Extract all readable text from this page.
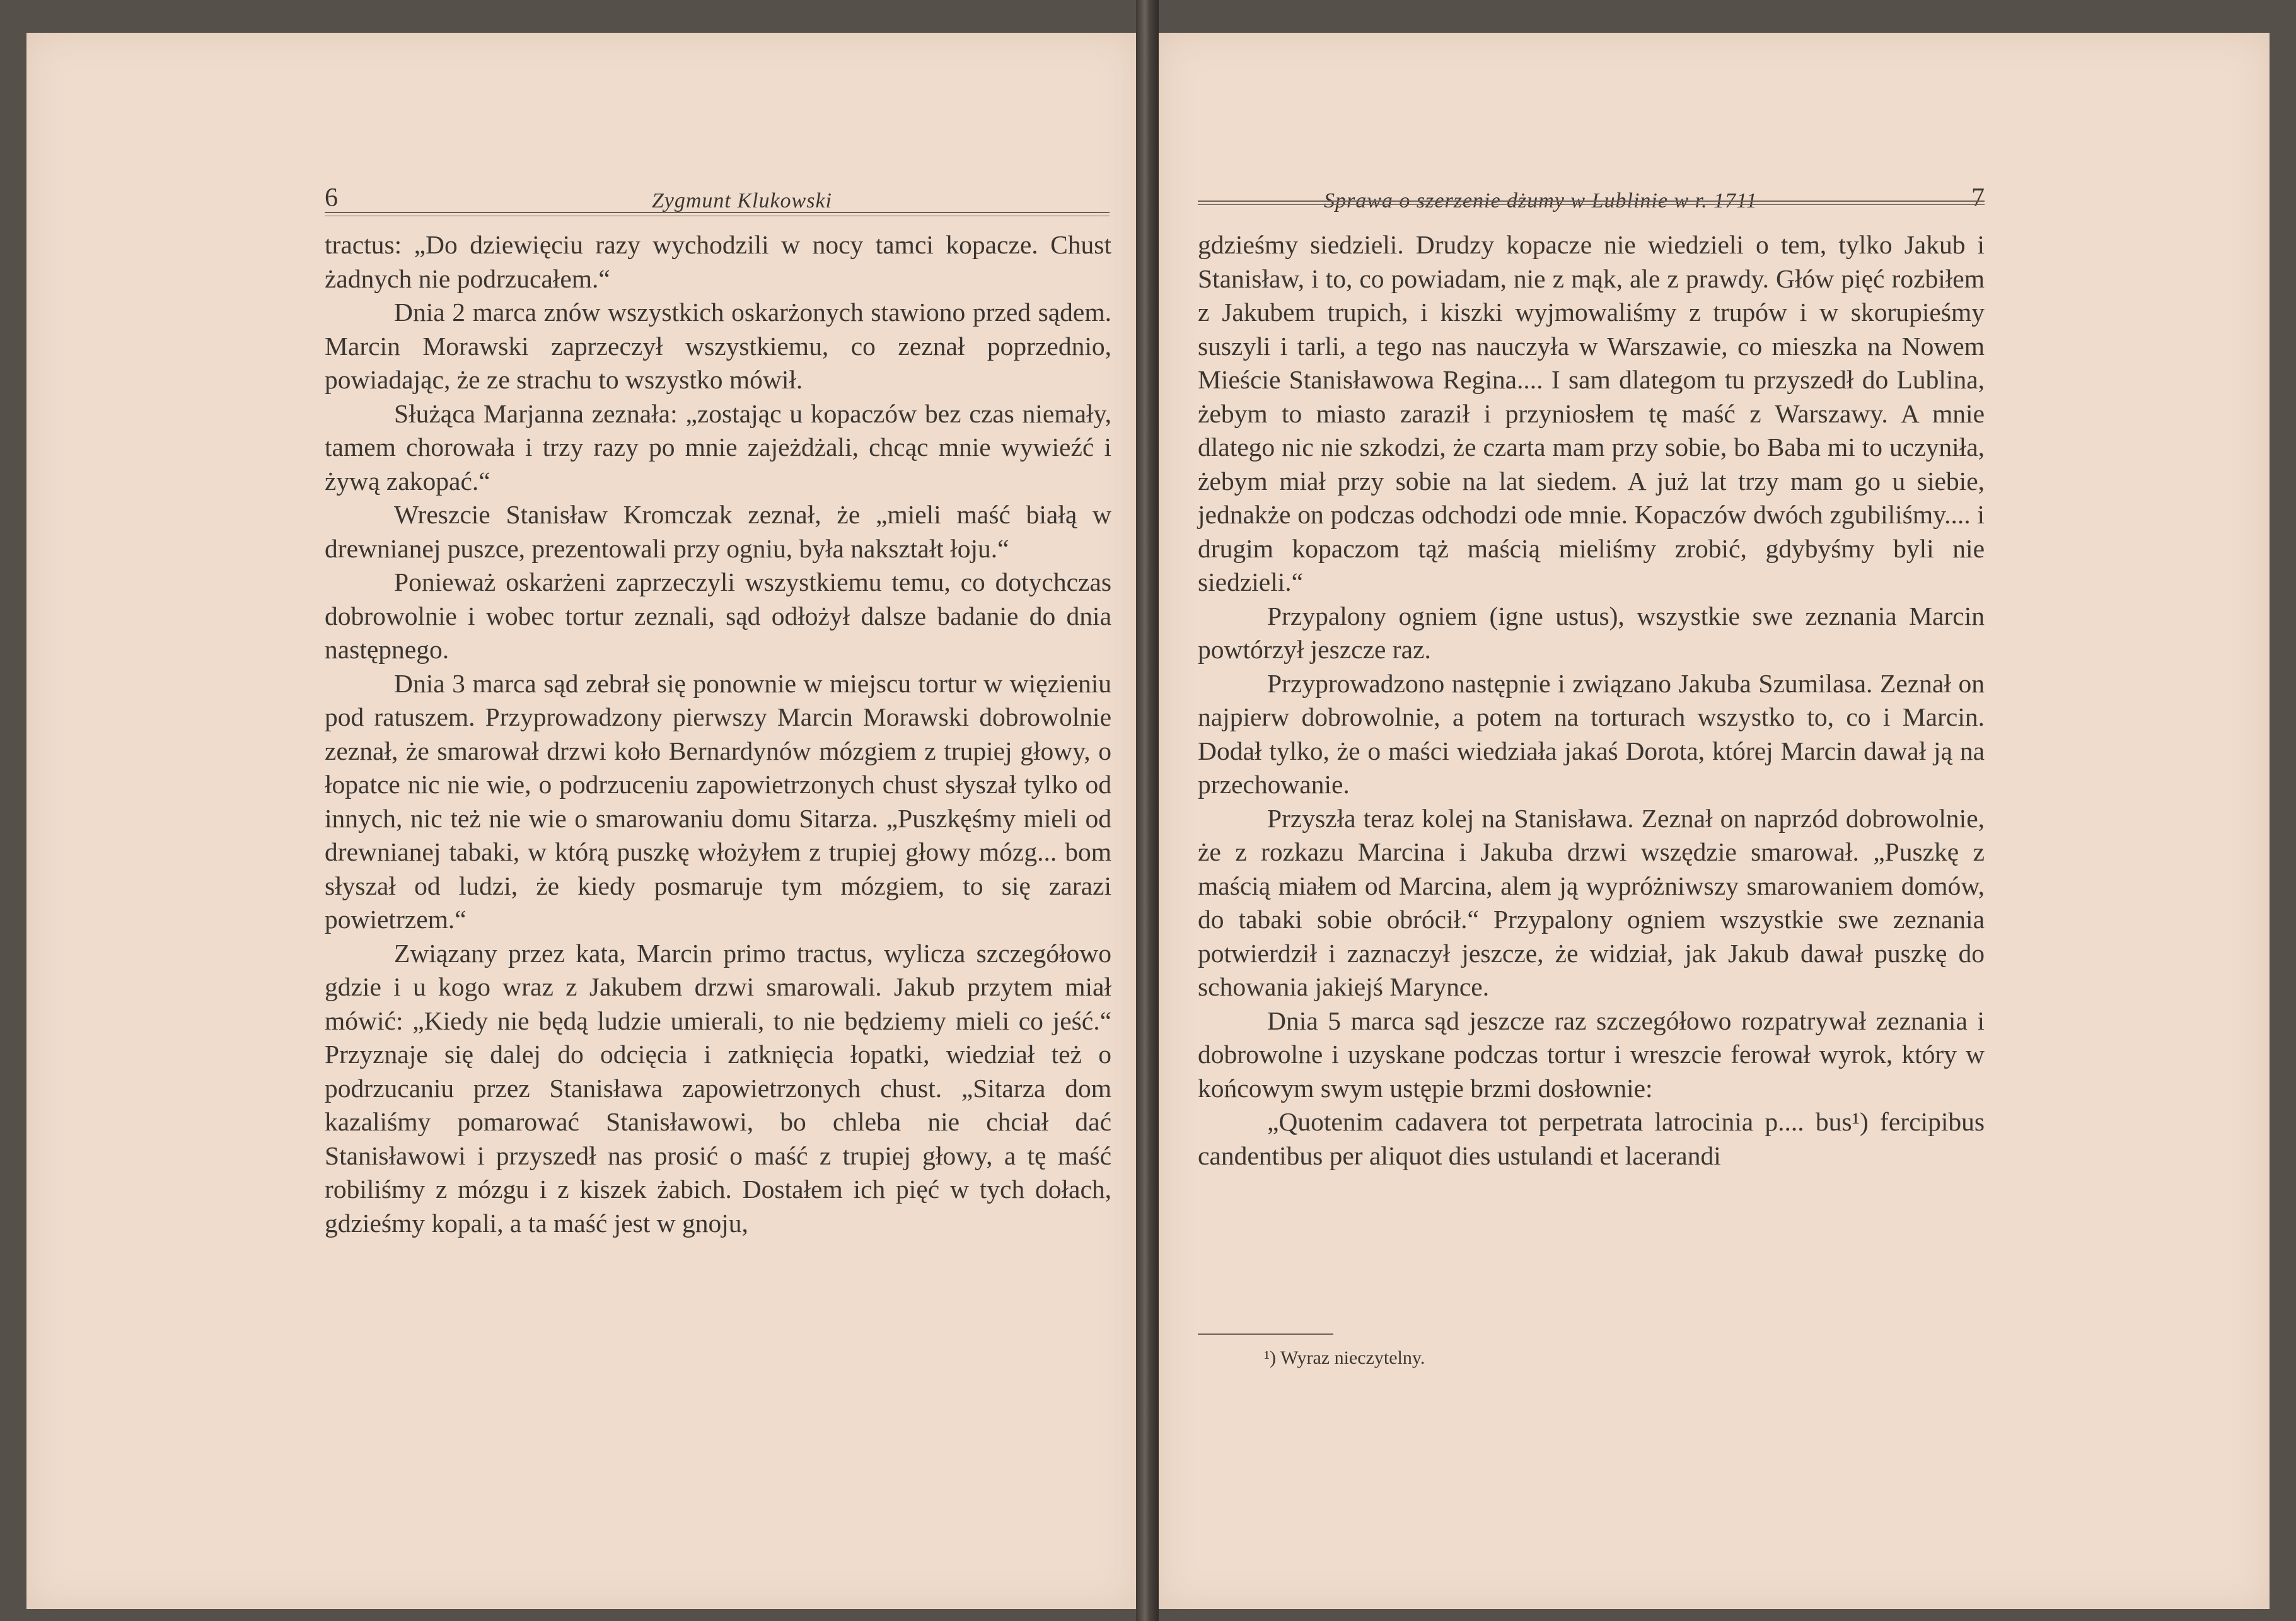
6	Zygmunt Klukowski

tractus: „Do dziewięciu razy wychodzili w nocy tamci kopacze. Chust żadnych nie podrzucałem.“

Dnia 2 marca znów wszystkich oskarżonych stawiono przed sądem. Marcin Morawski zaprzeczył wszystkiemu, co zeznał poprzednio, powiadając, że ze strachu to wszystko mówił.

Służąca Marjanna zeznała: „zostając u kopaczów bez czas niemały, tamem chorowała i trzy razy po mnie zajeżdżali, chcąc mnie wywieźć i żywą zakopać.“

Wreszcie Stanisław Kromczak zeznał, że „mieli maść białą w drewnianej puszce, prezentowali przy ogniu, była nakształt łoju.“

Ponieważ oskarżeni zaprzeczyli wszystkiemu temu, co dotychczas dobrowolnie i wobec tortur zeznali, sąd odłożył dalsze badanie do dnia następnego.

Dnia 3 marca sąd zebrał się ponownie w miejscu tortur w więzieniu pod ratuszem. Przyprowadzony pierwszy Marcin Morawski dobrowolnie zeznał, że smarował drzwi koło Bernardynów mózgiem z trupiej głowy, o łopatce nic nie wie, o podrzuceniu zapowietrzonych chust słyszał tylko od innych, nic też nie wie o smarowaniu domu Sitarza. „Puszkęśmy mieli od drewnianej tabaki, w którą puszkę włożyłem z trupiej głowy mózg... bom słyszał od ludzi, że kiedy posmaruje tym mózgiem, to się zarazi powietrzem.“

Związany przez kata, Marcin primo tractus, wylicza szczegółowo gdzie i u kogo wraz z Jakubem drzwi smarowali. Jakub przytem miał mówić: „Kiedy nie będą ludzie umierali, to nie będziemy mieli co jeść.“ Przyznaje się dalej do odcięcia i zatknięcia łopatki, wiedział też o podrzucaniu przez Stanisława zapowietrzonych chust. „Sitarza dom kazaliśmy pomarować Stanisławowi, bo chleba nie chciał dać Stanisławowi i przyszedł nas prosić o maść z trupiej głowy, a tę maść robiliśmy z mózgu i z kiszek żabich. Dostałem ich pięć w tych dołach, gdzieśmy kopali, a ta maść jest w gnoju,

Sprawa o szerzenie dżumy w Lublinie w r. 1711	7

gdzieśmy siedzieli. Drudzy kopacze nie wiedzieli o tem, tylko Jakub i Stanisław, i to, co powiadam, nie z mąk, ale z prawdy. Głów pięć rozbiłem z Jakubem trupich, i kiszki wyjmowaliśmy z trupów i w skorupieśmy suszyli i tarli, a tego nas nauczyła w Warszawie, co mieszka na Nowem Mieście Stanisławowa Regina.... I sam dlategom tu przyszedł do Lublina, żebym to miasto zaraził i przyniosłem tę maść z Warszawy. A mnie dlatego nic nie szkodzi, że czarta mam przy sobie, bo Baba mi to uczyniła, żebym miał przy sobie na lat siedem. A już lat trzy mam go u siebie, jednakże on podczas odchodzi ode mnie. Kopaczów dwóch zgubiliśmy.... i drugim kopaczom tąż maścią mieliśmy zrobić, gdybyśmy byli nie siedzieli.“

Przypalony ogniem (igne ustus), wszystkie swe zeznania Marcin powtórzył jeszcze raz.

Przyprowadzono następnie i związano Jakuba Szumilasa. Zeznał on najpierw dobrowolnie, a potem na torturach wszystko to, co i Marcin. Dodał tylko, że o maści wiedziała jakaś Dorota, której Marcin dawał ją na przechowanie.

Przyszła teraz kolej na Stanisława. Zeznał on naprzód dobrowolnie, że z rozkazu Marcina i Jakuba drzwi wszędzie smarował. „Puszkę z maścią miałem od Marcina, alem ją wypróżniwszy smarowaniem domów, do tabaki sobie obrócił.“ Przypalony ogniem wszystkie swe zeznania potwierdził i zaznaczył jeszcze, że widział, jak Jakub dawał puszkę do schowania jakiejś Marynce.

Dnia 5 marca sąd jeszcze raz szczegółowo rozpatrywał zeznania i dobrowolne i uzyskane podczas tortur i wreszcie ferował wyrok, który w końcowym swym ustępie brzmi dosłownie:

„Quotenim cadavera tot perpetrata latrocinia p.... bus¹) fercipibus candentibus per aliquot dies ustulandi et lacerandi

¹) Wyraz nieczytelny.
